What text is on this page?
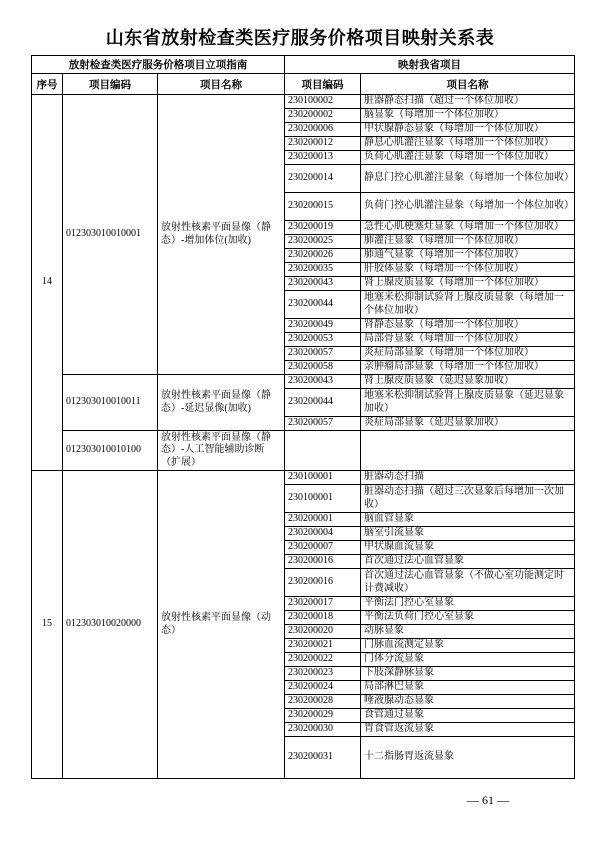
山东省放射检查类医疗服务价格项目映射关系表
放射检查类医疗服务价格项目立项指南			映射我省项目	
序号	项目编码	项目名称	项目编码	项目名称
14	012303010010001	放射性核素平面显像（静态）-增加体位(加收)	230100002	脏器静态扫描（超过一个体位加收）
			230200002	脑显象（每增加一个体位加收）
			230200006	甲状腺静态显象（每增加一个体位加收）
			230200012	静息心肌灌注显象（每增加一个体位加收）
			230200013	负荷心肌灌注显象（每增加一个体位加收）
			230200014	静息门控心肌灌注显象（每增加一个体位加收）
			230200015	负荷门控心肌灌注显象（每增加一个体位加收）
			230200019	急性心肌梗塞灶显象（每增加一个体位加收）
			230200025	肺灌注显象（每增加一个体位加收）
			230200026	肺通气显象（每增加一个体位加收）
			230200035	肝胶体显象（每增加一个体位加收）
			230200043	肾上腺皮质显象（每增加一个体位加收）
			230200044	地塞米松抑制试验肾上腺皮质显象（每增加一个体位加收）
			230200049	肾静态显象（每增加一个体位加收）
			230200053	局部骨显象（每增加一个体位加收）
			230200057	炎症局部显象（每增加一个体位加收）
			230200058	亲肿瘤局部显象（每增加一个体位加收）
	012303010010011	放射性核素平面显像（静态）-延迟显像(加收)	230200043	肾上腺皮质显象（延迟显象加收）
			230200044	地塞米松抑制试验肾上腺皮质显象（延迟显象加收）
			230200057	炎症局部显象（延迟显象加收）
	012303010010100	放射性核素平面显像（静态）-人工智能辅助诊断（扩展）		
15	012303010020000	放射性核素平面显像（动态）	230100001	脏器动态扫描
			230100001	脏器动态扫描（超过三次显象后每增加一次加收）
			230200001	脑血管显象
			230200004	脑室引流显象
			230200007	甲状腺血流显象
			230200016	首次通过法心血管显象
			230200016	首次通过法心血管显象（不做心室功能测定时计费减收）
			230200017	平衡法门控心室显象
			230200018	平衡法负荷门控心室显象
			230200020	动脉显象
			230200021	门脉血流测定显象
			230200022	门体分流显象
			230200023	下肢深静脉显象
			230200024	局部淋巴显象
			230200028	唾液腺动态显象
			230200029	食管通过显象
			230200030	胃食管返流显象
			230200031	十二指肠胃返流显象
— 61 —
